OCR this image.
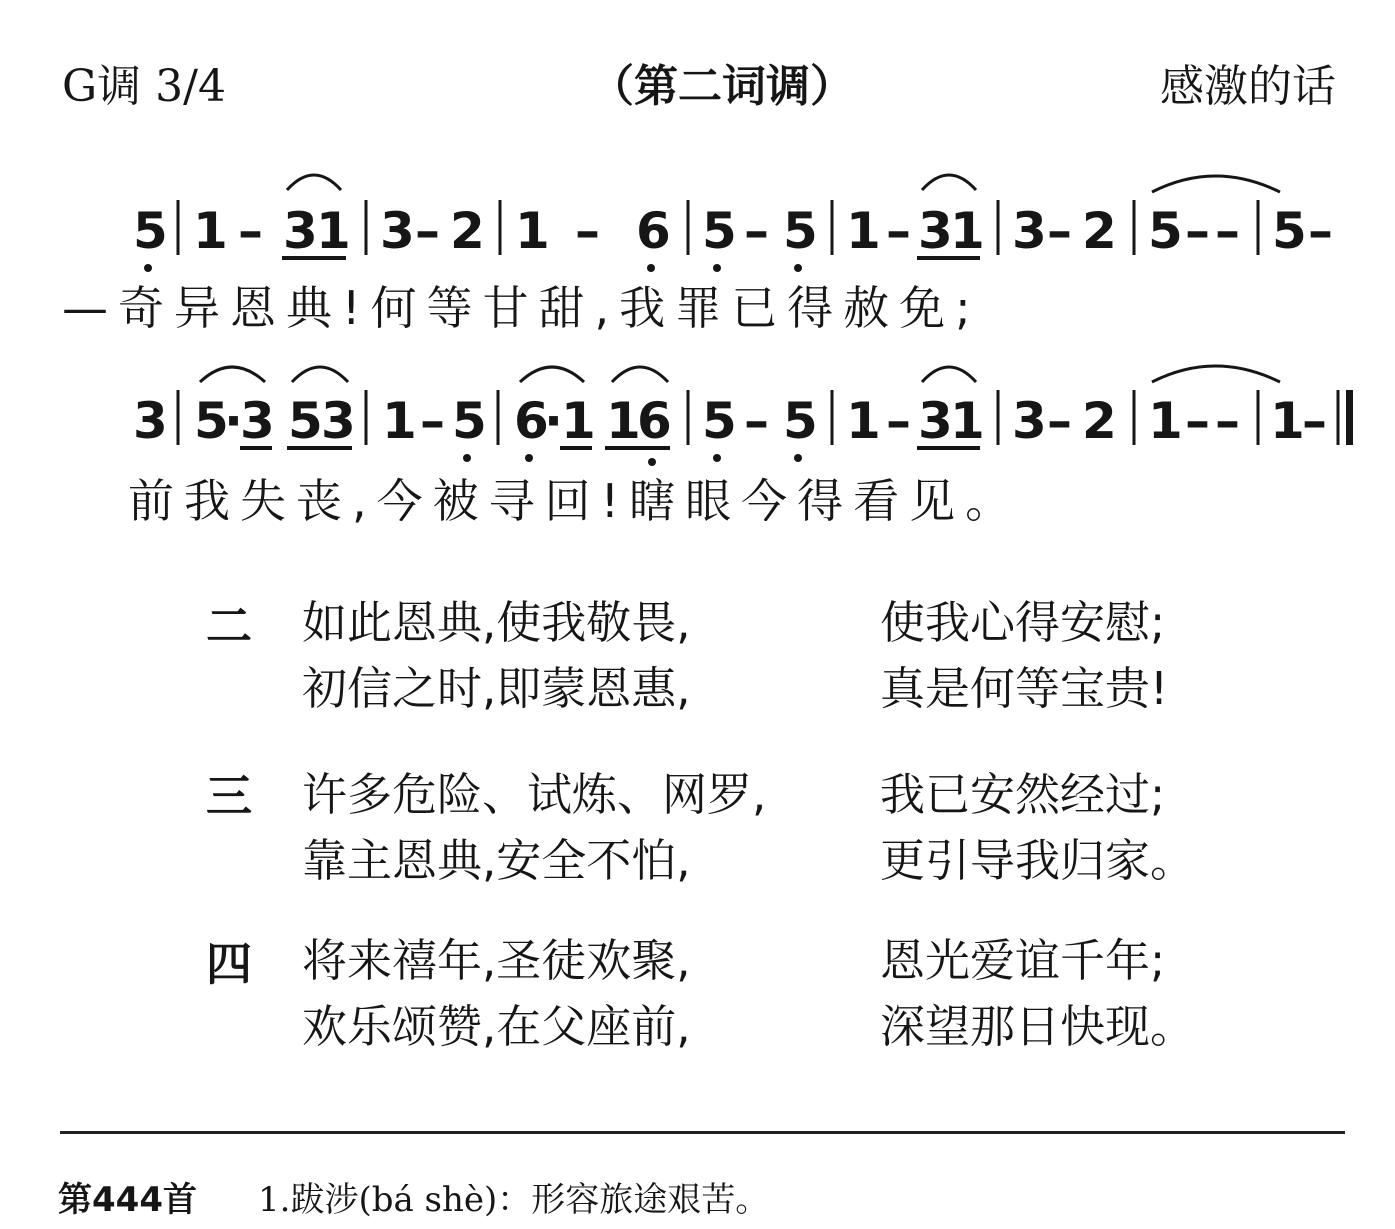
G调 3/4	（第二词调）	感激的话
5 1 – 3
1 3 – 2 1 – 6 5 – 5 1 – 3
1 3 – 2 5 – – 5 –
3 5
·
3 5
3 1 – 5 6
·
1 1
6 5 – 5 1 – 3
1 3 – 2 1 – – 1
–
—奇异恩典!何等甘甜,我罪已得赦免;
前我失丧,今被寻回!瞎眼今得看见。
二 如此恩典,使我敬畏,	使我心得安慰;
初信之时,即蒙恩惠,	真是何等宝贵!
三 许多危险、试炼、网罗,	我已安然经过;
靠主恩典,安全不怕,	更引导我归家。
四 将来禧年,圣徒欢聚,	恩光爱谊千年;
欢乐颂赞,在父座前,	深望那日快现。
第444首 1.跋涉(bá shè)：形容旅途艰苦。
